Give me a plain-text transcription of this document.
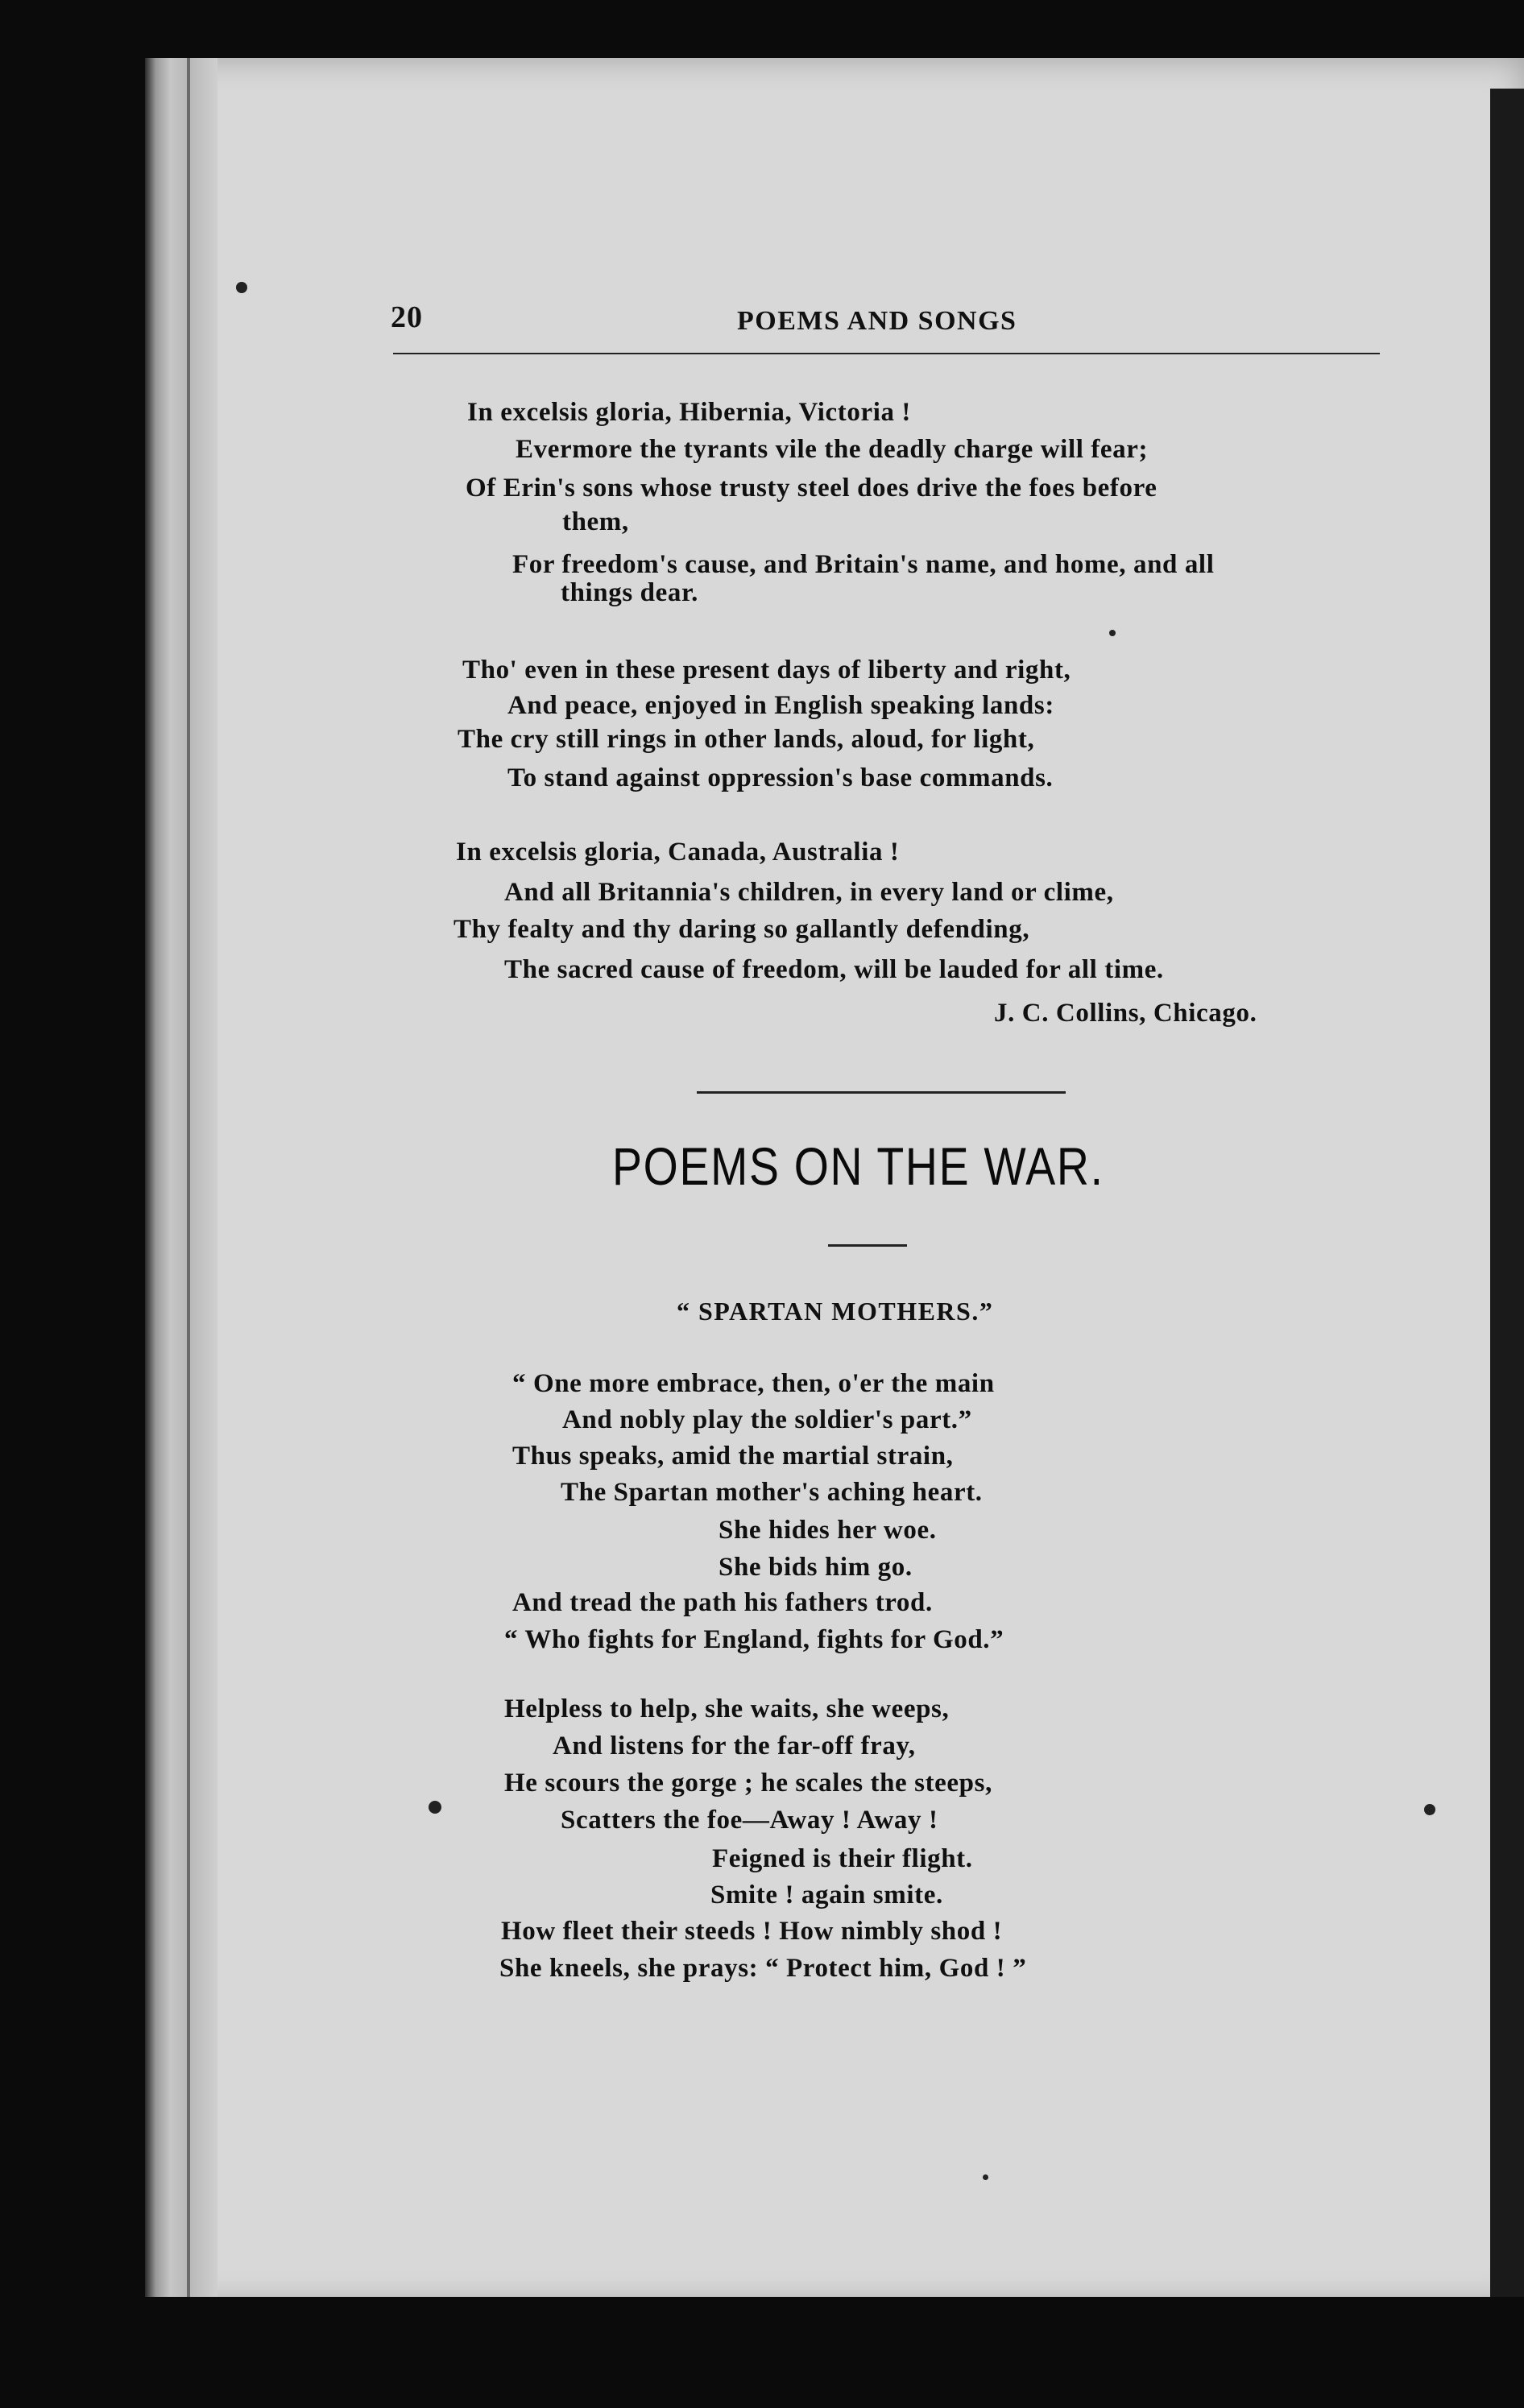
20	POEMS AND SONGS
In excelsis gloria, Hibernia, Victoria !
Evermore the tyrants vile the deadly charge will fear;
Of Erin's sons whose trusty steel does drive the foes before
them,
For freedom's cause, and Britain's name, and home, and all
things dear.
Tho' even in these present days of liberty and right,
And peace, enjoyed in English speaking lands:
The cry still rings in other lands, aloud, for light,
To stand against oppression's base commands.
In excelsis gloria, Canada, Australia !
And all Britannia's children, in every land or clime,
Thy fealty and thy daring so gallantly defending,
The sacred cause of freedom, will be lauded for all time.
J. C. Collins, Chicago.
POEMS ON THE WAR.
“ SPARTAN MOTHERS.”
“ One more embrace, then, o'er the main
And nobly play the soldier's part.”
Thus speaks, amid the martial strain,
The Spartan mother's aching heart.
She hides her woe.
She bids him go.
And tread the path his fathers trod.
“ Who fights for England, fights for God.”
Helpless to help, she waits, she weeps,
And listens for the far-off fray,
He scours the gorge ; he scales the steeps,
Scatters the foe—Away ! Away !
Feigned is their flight.
Smite ! again smite.
How fleet their steeds ! How nimbly shod !
She kneels, she prays: “ Protect him, God ! ”
